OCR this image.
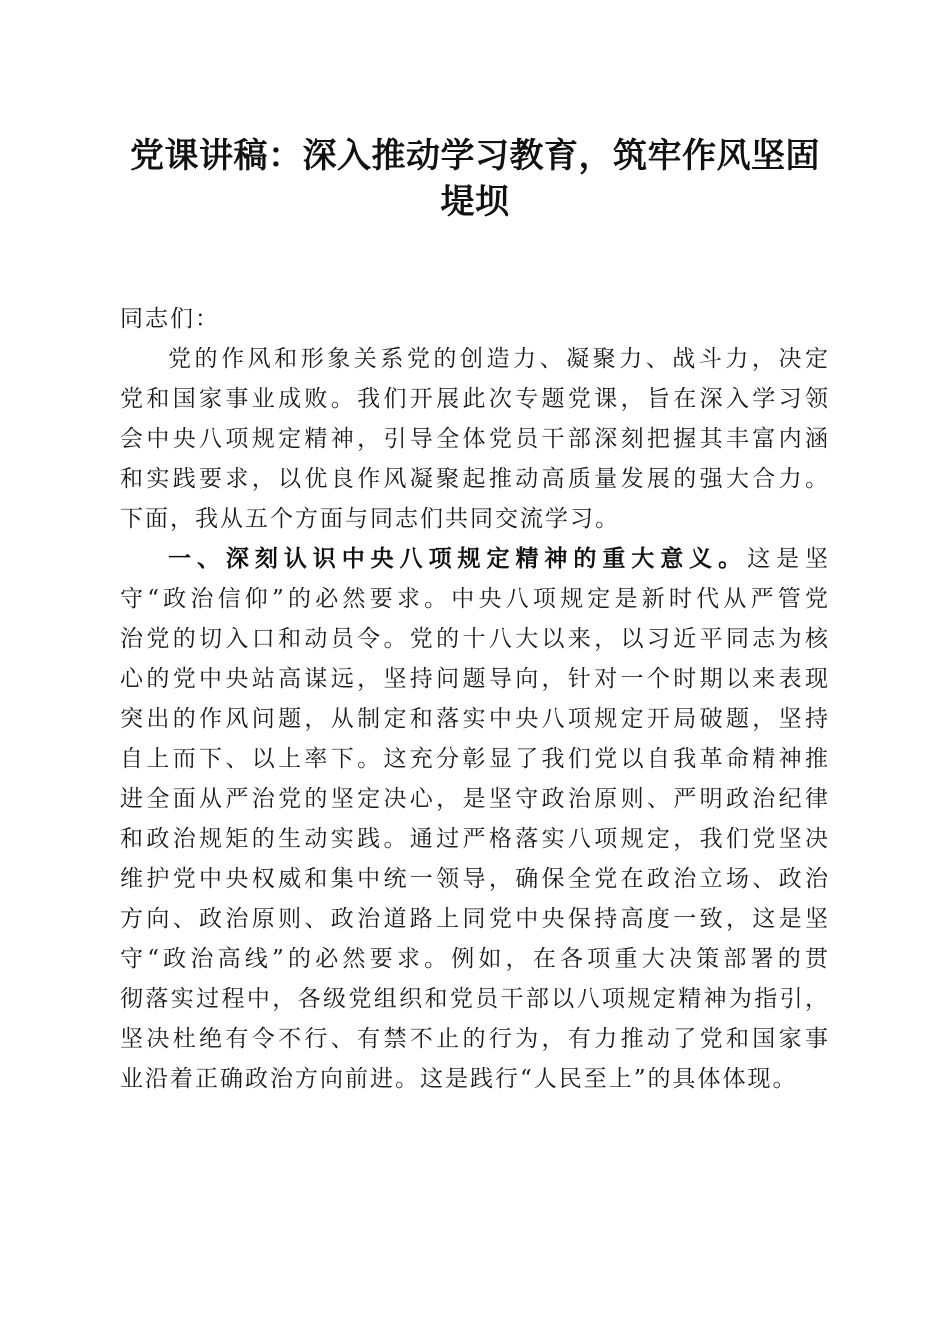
党课讲稿：深入推动学习教育，筑牢作风坚固
堤坝

同志们：

党的作风和形象关系党的创造力、凝聚力、战斗力，决定
党和国家事业成败。我们开展此次专题党课，旨在深入学习领
会中央八项规定精神，引导全体党员干部深刻把握其丰富内涵
和实践要求，以优良作风凝聚起推动高质量发展的强大合力。
下面，我从五个方面与同志们共同交流学习。

一、深刻认识中央八项规定精神的重大意义。这是坚
守“政治信仰”的必然要求。中央八项规定是新时代从严管党
治党的切入口和动员令。党的十八大以来，以习近平同志为核
心的党中央站高谋远，坚持问题导向，针对一个时期以来表现
突出的作风问题，从制定和落实中央八项规定开局破题，坚持
自上而下、以上率下。这充分彰显了我们党以自我革命精神推
进全面从严治党的坚定决心，是坚守政治原则、严明政治纪律
和政治规矩的生动实践。通过严格落实八项规定，我们党坚决
维护党中央权威和集中统一领导，确保全党在政治立场、政治
方向、政治原则、政治道路上同党中央保持高度一致，这是坚
守“政治高线”的必然要求。例如，在各项重大决策部署的贯
彻落实过程中，各级党组织和党员干部以八项规定精神为指引，
坚决杜绝有令不行、有禁不止的行为，有力推动了党和国家事
业沿着正确政治方向前进。这是践行“人民至上”的具体体现。
